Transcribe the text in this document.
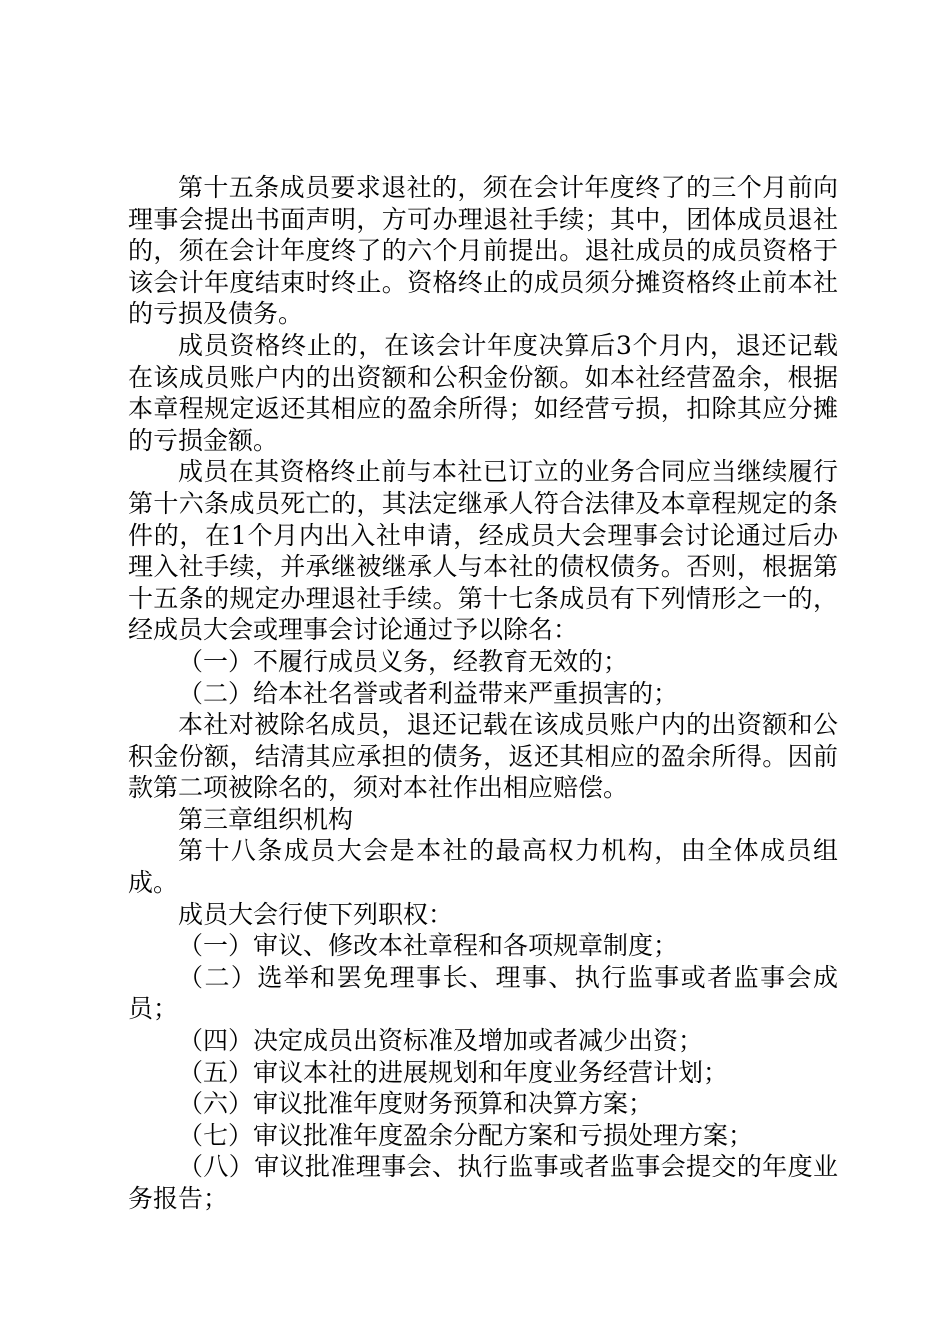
第十五条成员要求退社的，须在会计年度终了的三个月前向理事会提出书面声明，方可办理退社手续；其中，团体成员退社的，须在会计年度终了的六个月前提出。退社成员的成员资格于该会计年度结束时终止。资格终止的成员须分摊资格终止前本社的亏损及债务。

成员资格终止的，在该会计年度决算后3个月内，退还记载在该成员账户内的出资额和公积金份额。如本社经营盈余，根据本章程规定返还其相应的盈余所得；如经营亏损，扣除其应分摊的亏损金额。

成员在其资格终止前与本社已订立的业务合同应当继续履行第十六条成员死亡的，其法定继承人符合法律及本章程规定的条件的，在1个月内出入社申请，经成员大会理事会讨论通过后办理入社手续，并承继被继承人与本社的债权债务。否则，根据第十五条的规定办理退社手续。第十七条成员有下列情形之一的，经成员大会或理事会讨论通过予以除名：

（一）不履行成员义务，经教育无效的；

（二）给本社名誉或者利益带来严重损害的；

本社对被除名成员，退还记载在该成员账户内的出资额和公积金份额，结清其应承担的债务，返还其相应的盈余所得。因前款第二项被除名的，须对本社作出相应赔偿。

第三章组织机构

第十八条成员大会是本社的最高权力机构，由全体成员组成。

成员大会行使下列职权：

（一）审议、修改本社章程和各项规章制度；

（二）选举和罢免理事长、理事、执行监事或者监事会成员；

（四）决定成员出资标准及增加或者减少出资；

（五）审议本社的进展规划和年度业务经营计划；

（六）审议批准年度财务预算和决算方案；

（七）审议批准年度盈余分配方案和亏损处理方案；

（八）审议批准理事会、执行监事或者监事会提交的年度业务报告；
